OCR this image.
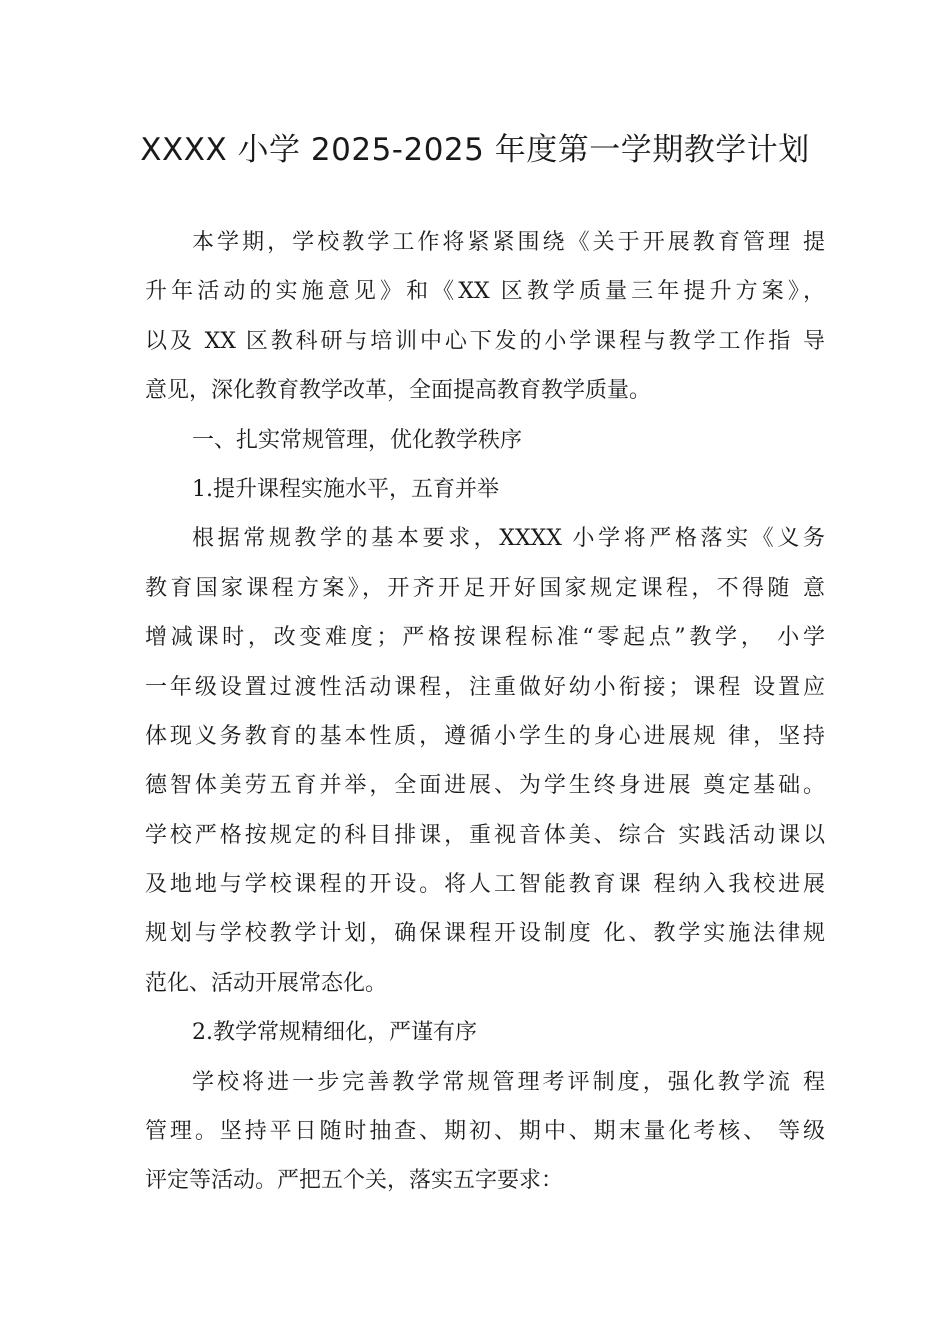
XXXX 小学 2025-2025 年度第一学期教学计划
本学期，学校教学工作将紧紧围绕《关于开展教育管理 提
升年活动的实施意见》和《XX 区教学质量三年提升方案》，
以及 XX 区教科研与培训中心下发的小学课程与教学工作指 导
意见，深化教育教学改革，全面提高教育教学质量。
一、扎实常规管理，优化教学秩序
1.提升课程实施水平，五育并举
根据常规教学的基本要求，XXXX 小学将严格落实《义务
教育国家课程方案》，开齐开足开好国家规定课程，不得随 意
增减课时，改变难度；严格按课程标准“零起点”教学， 小学
一年级设置过渡性活动课程，注重做好幼小衔接；课程 设置应
体现义务教育的基本性质，遵循小学生的身心进展规 律，坚持
德智体美劳五育并举，全面进展、为学生终身进展 奠定基础。
学校严格按规定的科目排课，重视音体美、综合 实践活动课以
及地地与学校课程的开设。将人工智能教育课 程纳入我校进展
规划与学校教学计划，确保课程开设制度 化、教学实施法律规
范化、活动开展常态化。
2.教学常规精细化，严谨有序
学校将进一步完善教学常规管理考评制度，强化教学流 程
管理。坚持平日随时抽查、期初、期中、期末量化考核、 等级
评定等活动。严把五个关，落实五字要求：
